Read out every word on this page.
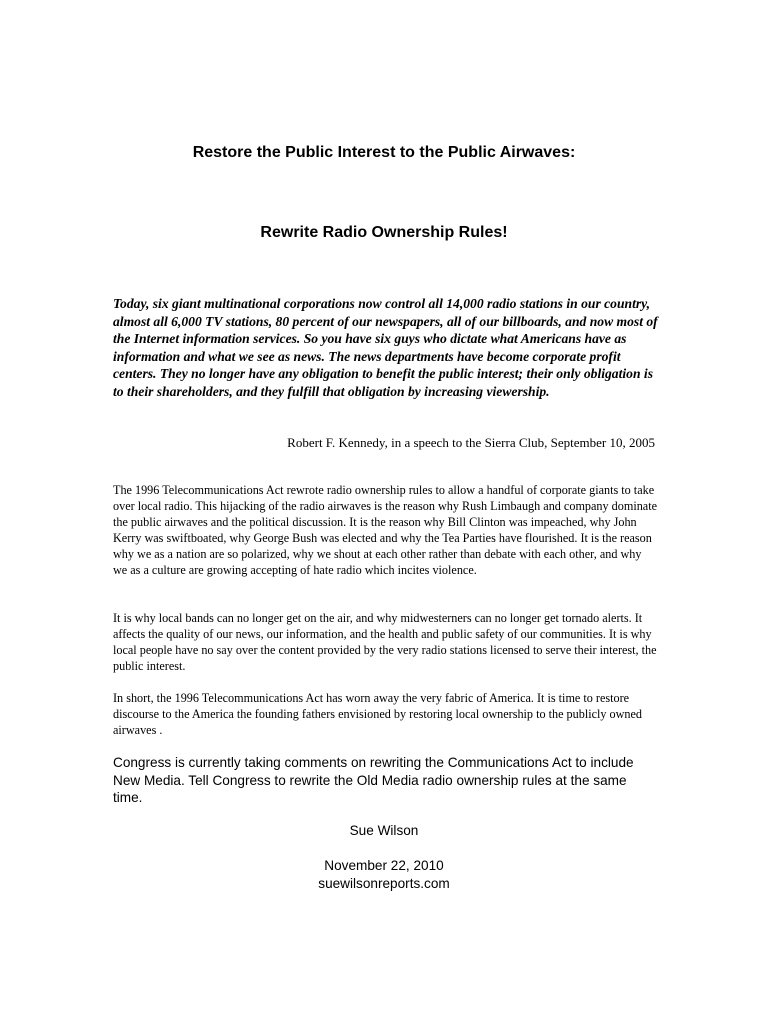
Restore the Public Interest to the Public Airwaves:
Rewrite Radio Ownership Rules!

Today, six giant multinational corporations now control all 14,000 radio stations in our country, almost all 6,000 TV stations, 80 percent of our newspapers, all of our billboards, and now most of the Internet information services. So you have six guys who dictate what Americans have as information and what we see as news. The news departments have become corporate profit centers. They no longer have any obligation to benefit the public interest; their only obligation is to their shareholders, and they fulfill that obligation by increasing viewership.

Robert F. Kennedy, in a speech to the Sierra Club, September 10, 2005

The 1996 Telecommunications Act rewrote radio ownership rules to allow a handful of corporate giants to take over local radio. This hijacking of the radio airwaves is the reason why Rush Limbaugh and company dominate the public airwaves and the political discussion. It is the reason why Bill Clinton was impeached, why John Kerry was swiftboated, why George Bush was elected and why the Tea Parties have flourished. It is the reason why we as a nation are so polarized, why we shout at each other rather than debate with each other, and why we as a culture are growing accepting of hate radio which incites violence.

It is why local bands can no longer get on the air, and why midwesterners can no longer get tornado alerts. It affects the quality of our news, our information, and the health and public safety of our communities. It is why local people have no say over the content provided by the very radio stations licensed to serve their interest, the public interest.

In short, the 1996 Telecommunications Act has worn away the very fabric of America. It is time to restore discourse to the America the founding fathers envisioned by restoring local ownership to the publicly owned airwaves .

Congress is currently taking comments on rewriting the Communications Act to include New Media. Tell Congress to rewrite the Old Media radio ownership rules at the same time.

Sue Wilson

November 22, 2010

suewilsonreports.com
